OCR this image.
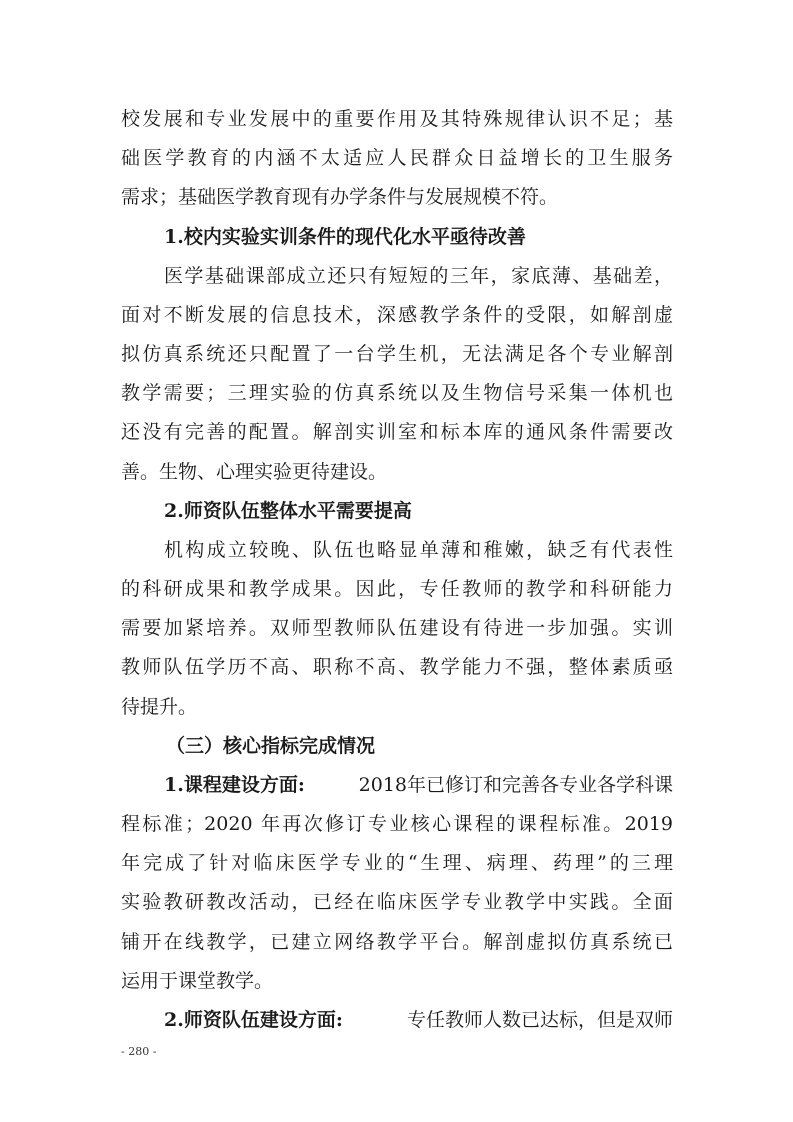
校发展和专业发展中的重要作用及其特殊规律认识不足；基

础医学教育的内涵不太适应人民群众日益增长的卫生服务

需求；基础医学教育现有办学条件与发展规模不符。

1.校内实验实训条件的现代化水平亟待改善

医学基础课部成立还只有短短的三年，家底薄、基础差，

面对不断发展的信息技术，深感教学条件的受限，如解剖虚

拟仿真系统还只配置了一台学生机，无法满足各个专业解剖

教学需要；三理实验的仿真系统以及生物信号采集一体机也

还没有完善的配置。解剖实训室和标本库的通风条件需要改

善。生物、心理实验更待建设。

2.师资队伍整体水平需要提高

机构成立较晚、队伍也略显单薄和稚嫩，缺乏有代表性

的科研成果和教学成果。因此，专任教师的教学和科研能力

需要加紧培养。双师型教师队伍建设有待进一步加强。实训

教师队伍学历不高、职称不高、教学能力不强，整体素质亟

待提升。

（三）核心指标完成情况

1.课程建设方面:	2018年已修订和完善各专业各学科课

程标准；2020 年再次修订专业核心课程的课程标准。2019

年完成了针对临床医学专业的“生理、病理、药理”的三理

实验教研教改活动，已经在临床医学专业教学中实践。全面

铺开在线教学，已建立网络教学平台。解剖虚拟仿真系统已

运用于课堂教学。

2.师资队伍建设方面:	专任教师人数已达标，但是双师

- 280 -
